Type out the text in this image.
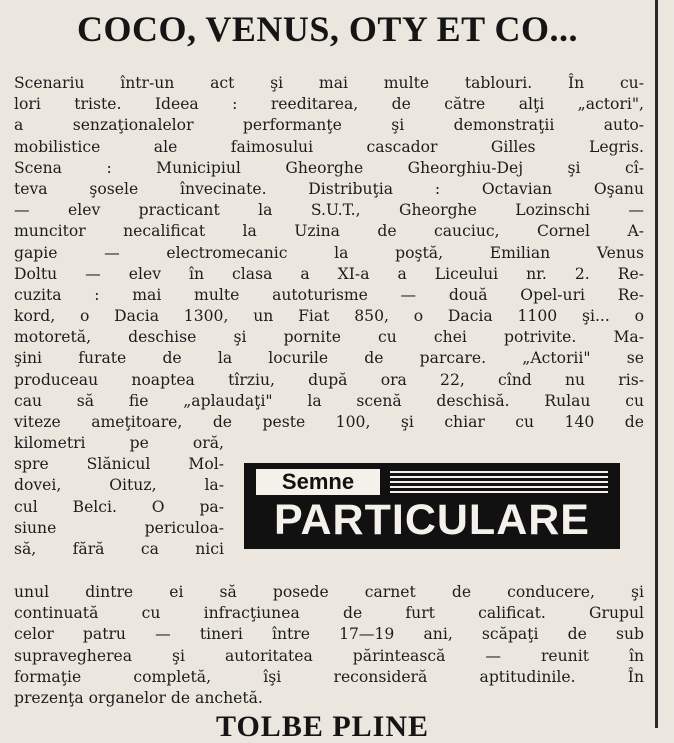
COCO, VENUS, OTY ET CO...
Scenariu într-un act şi mai multe tablouri. În cu-
lori triste. Ideea : reeditarea, de către alţi „actori",
a senzaţionalelor performanţe şi demonstraţii auto-
mobilistice ale faimosului cascador Gilles Legris.
Scena : Municipiul Gheorghe Gheorghiu-Dej şi cî-
teva şosele învecinate. Distribuţia : Octavian Oşanu
— elev practicant la S.U.T., Gheorghe Lozinschi —
muncitor necalificat la Uzina de cauciuc, Cornel A-
gapie — electromecanic la poştă, Emilian Venus
Doltu — elev în clasa a XI-a a Liceului nr. 2. Re-
cuzita : mai multe autoturisme — două Opel-uri Re-
kord, o Dacia 1300, un Fiat 850, o Dacia 1100 şi... o
motoretă, deschise şi pornite cu chei potrivite. Ma-
şini furate de la locurile de parcare. „Actorii" se
produceau noaptea tîrziu, după ora 22, cînd nu ris-
cau să fie „aplaudaţi" la scenă deschisă. Rulau cu
viteze ameţitoare, de peste 100, şi chiar cu 140 de
kilometri pe oră,
spre Slănicul Mol-
dovei, Oituz, la-
cul Belci. O pa-
siune periculoa-
să, fără ca nici
Semne
PARTICULARE
unul dintre ei să posede carnet de conducere, şi
continuată cu infracţiunea de furt calificat. Grupul
celor patru — tineri între 17—19 ani, scăpaţi de sub
supravegherea şi autoritatea părintească — reunit în
formaţie completă, îşi reconsideră aptitudinile. În
prezenţa organelor de anchetă.
TOLBE PLINE
